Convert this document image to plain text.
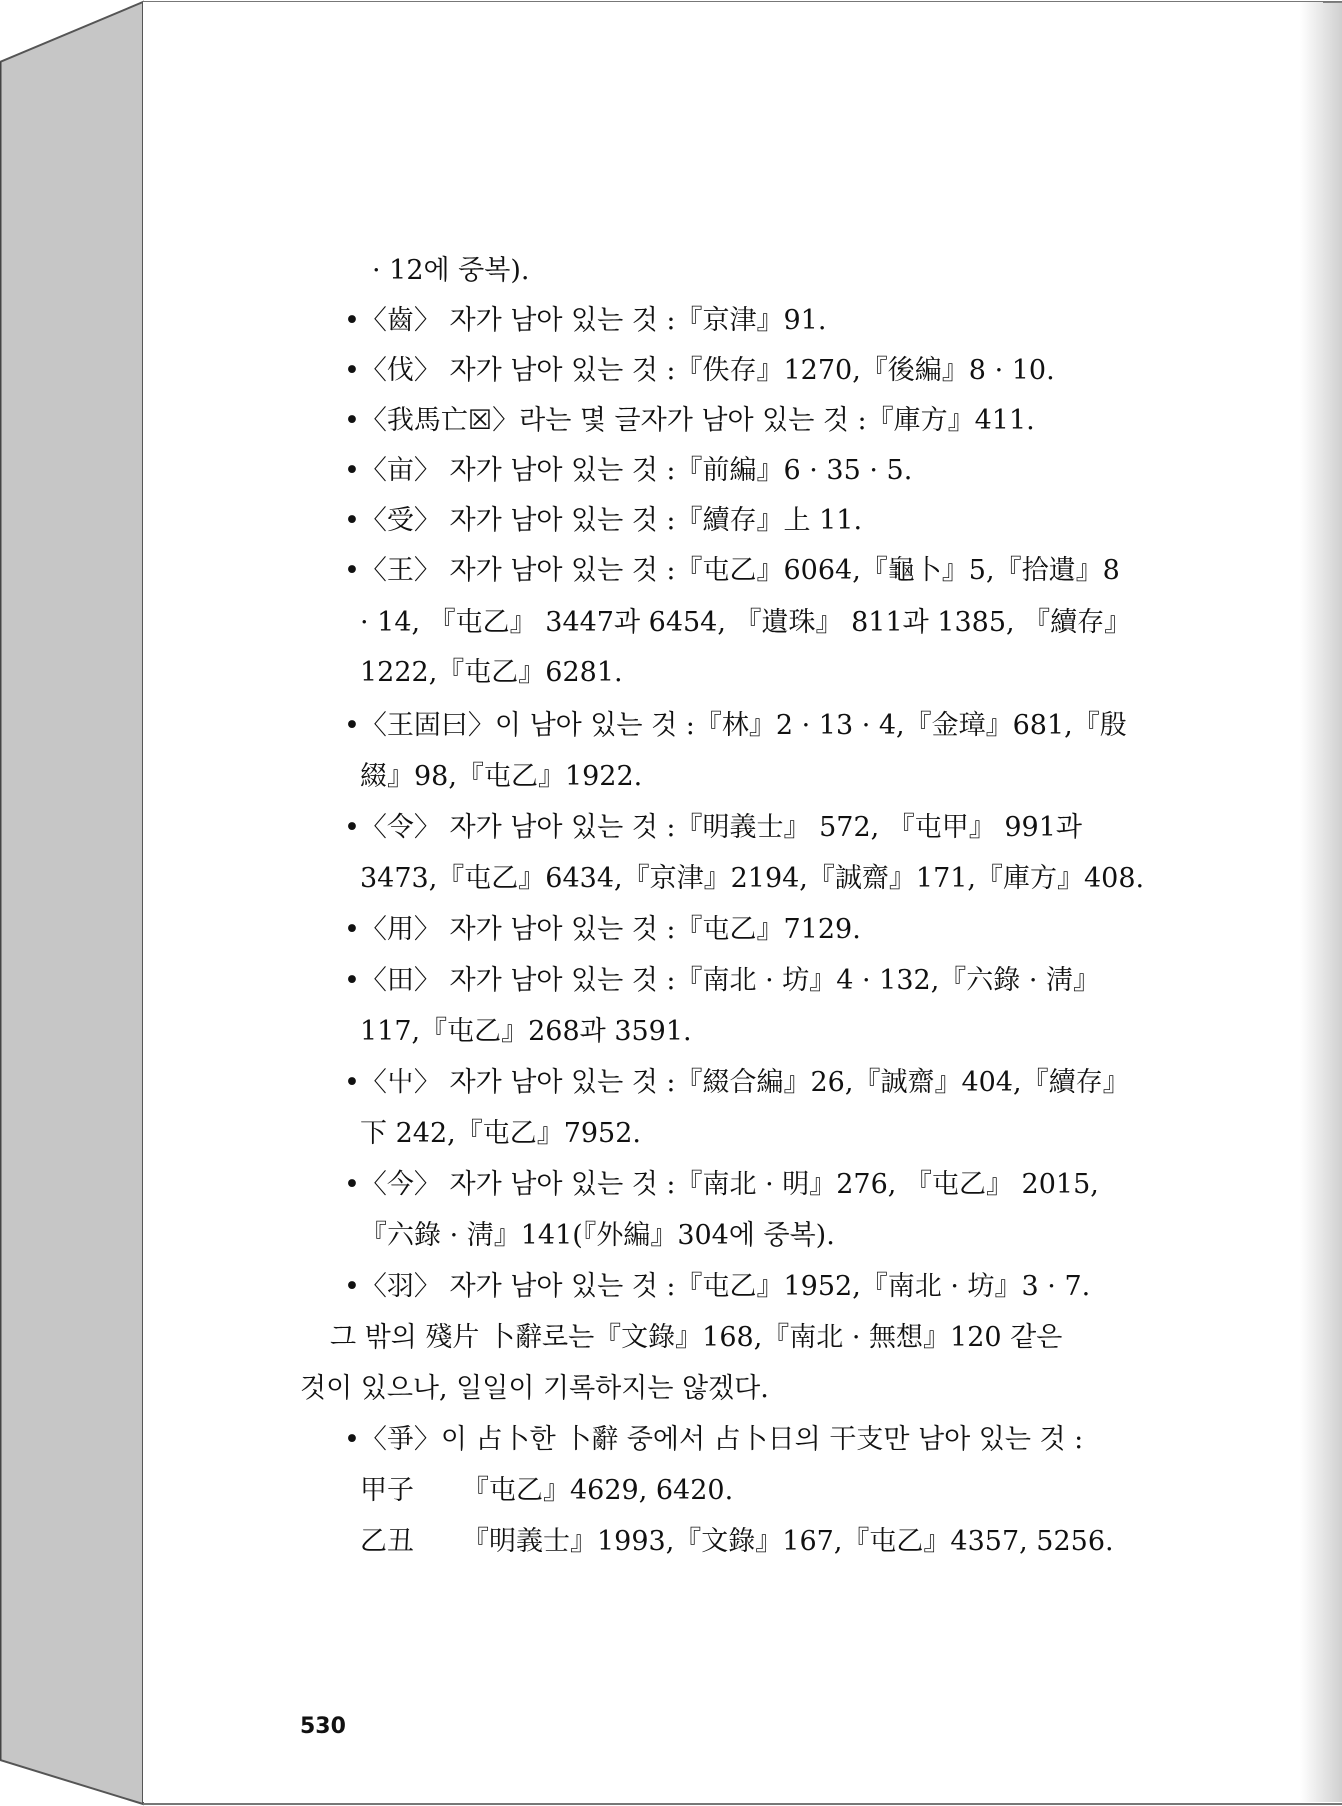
· 12에 중복).
•〈齒〉 자가 남아 있는 것 :『京津』91.
•〈伐〉 자가 남아 있는 것 :『佚存』1270,『後編』8 · 10.
•〈我馬亡☒〉라는 몇 글자가 남아 있는 것 :『庫方』411.
•〈亩〉 자가 남아 있는 것 :『前編』6 · 35 · 5.
•〈受〉 자가 남아 있는 것 :『續存』上 11.
•〈王〉 자가 남아 있는 것 :『屯乙』6064,『龜卜』5,『拾遺』8
· 14, 『屯乙』 3447과 6454, 『遺珠』 811과 1385, 『續存』
1222,『屯乙』6281.
•〈王固曰〉이 남아 있는 것 :『林』2 · 13 · 4,『金璋』681,『殷
綴』98,『屯乙』1922.
•〈令〉 자가 남아 있는 것 :『明義士』 572, 『屯甲』 991과
3473,『屯乙』6434,『京津』2194,『誠齋』171,『庫方』408.
•〈用〉 자가 남아 있는 것 :『屯乙』7129.
•〈田〉 자가 남아 있는 것 :『南北 · 坊』4 · 132,『六錄 · 淸』
117,『屯乙』268과 3591.
•〈屮〉 자가 남아 있는 것 :『綴合編』26,『誠齋』404,『續存』
下 242,『屯乙』7952.
•〈今〉 자가 남아 있는 것 :『南北 · 明』276, 『屯乙』 2015,
『六錄 · 淸』141(『外編』304에 중복).
•〈羽〉 자가 남아 있는 것 :『屯乙』1952,『南北 · 坊』3 · 7.
그 밖의 殘片 卜辭로는『文錄』168,『南北 · 無想』120 같은
것이 있으나, 일일이 기록하지는 않겠다.
•〈爭〉이 占卜한 卜辭 중에서 占卜日의 干支만 남아 있는 것 :
甲子 『屯乙』4629, 6420.
乙丑 『明義士』1993,『文錄』167,『屯乙』4357, 5256.
530
